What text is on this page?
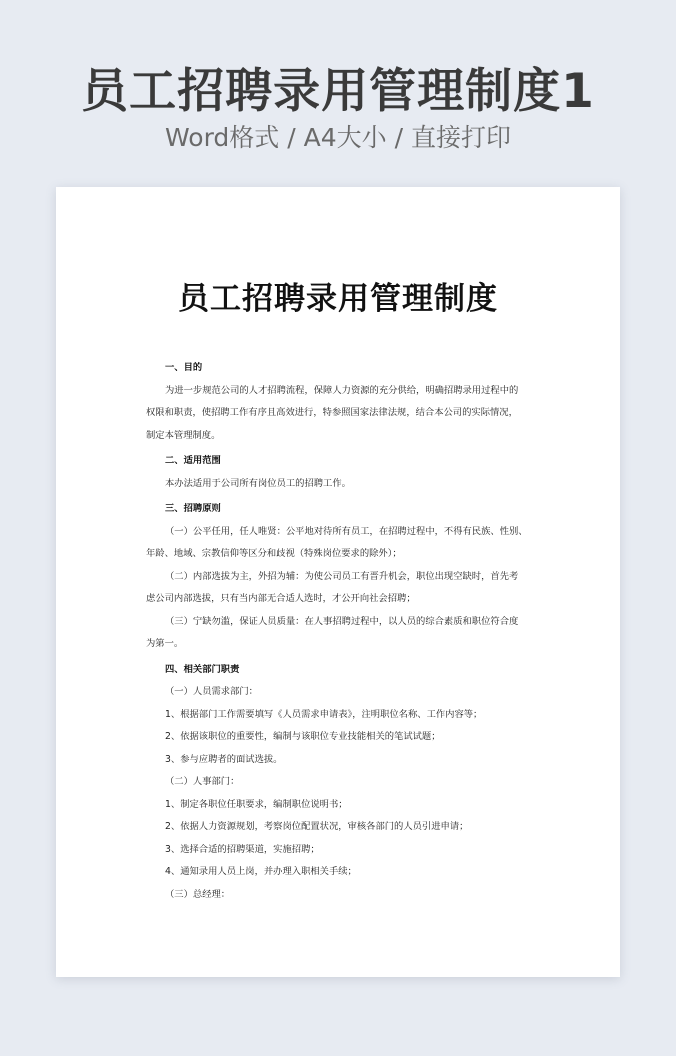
员工招聘录用管理制度1
Word格式 / A4大小 / 直接打印
员工招聘录用管理制度
一、目的
为进一步规范公司的人才招聘流程，保障人力资源的充分供给，明确招聘录用过程中的
权限和职责，使招聘工作有序且高效进行，特参照国家法律法规，结合本公司的实际情况，
制定本管理制度。
二、适用范围
本办法适用于公司所有岗位员工的招聘工作。
三、招聘原则
（一）公平任用，任人唯贤：公平地对待所有员工，在招聘过程中，不得有民族、性别、
年龄、地域、宗教信仰等区分和歧视（特殊岗位要求的除外）；
（二）内部选拔为主，外招为辅：为使公司员工有晋升机会，职位出现空缺时，首先考
虑公司内部选拔，只有当内部无合适人选时，才公开向社会招聘；
（三）宁缺勿滥，保证人员质量：在人事招聘过程中，以人员的综合素质和职位符合度
为第一。
四、相关部门职责
（一）人员需求部门：
1、根据部门工作需要填写《人员需求申请表》，注明职位名称、工作内容等；
2、依据该职位的重要性，编制与该职位专业技能相关的笔试试题；
3、参与应聘者的面试选拔。
（二）人事部门：
1、制定各职位任职要求，编制职位说明书；
2、依据人力资源规划，考察岗位配置状况，审核各部门的人员引进申请；
3、选择合适的招聘渠道，实施招聘；
4、通知录用人员上岗，并办理入职相关手续；
（三）总经理：
